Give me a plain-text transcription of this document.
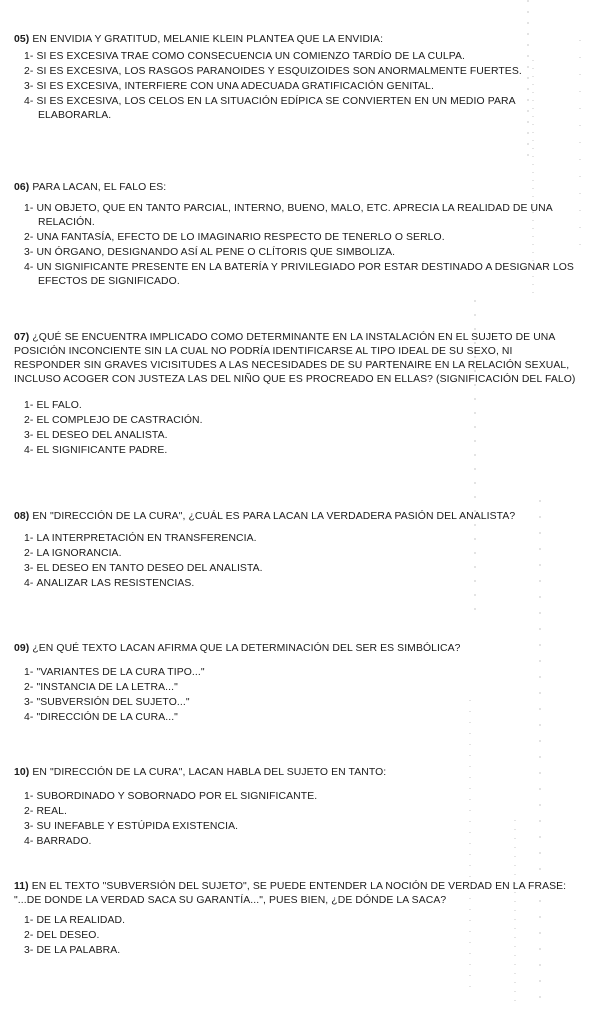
05) EN ENVIDIA Y GRATITUD, MELANIE KLEIN PLANTEA QUE LA ENVIDIA:

1- SI ES EXCESIVA TRAE COMO CONSECUENCIA UN COMIENZO TARDÍO DE LA CULPA.
2- SI ES EXCESIVA, LOS RASGOS PARANOIDES Y ESQUIZOIDES SON ANORMALMENTE FUERTES.
3- SI ES EXCESIVA, INTERFIERE CON UNA ADECUADA GRATIFICACIÓN GENITAL.
4- SI ES EXCESIVA, LOS CELOS EN LA SITUACIÓN EDÍPICA SE CONVIERTEN EN UN MEDIO PARA ELABORARLA.

06) PARA LACAN, EL FALO ES:

1- UN OBJETO, QUE EN TANTO PARCIAL, INTERNO, BUENO, MALO, ETC. APRECIA LA REALIDAD DE UNA RELACIÓN.
2- UNA FANTASÍA, EFECTO DE LO IMAGINARIO RESPECTO DE TENERLO O SERLO.
3- UN ÓRGANO, DESIGNANDO ASÍ AL PENE O CLÍTORIS QUE SIMBOLIZA.
4- UN SIGNIFICANTE PRESENTE EN LA BATERÍA Y PRIVILEGIADO POR ESTAR DESTINADO A DESIGNAR LOS EFECTOS DE SIGNIFICADO.

07) ¿QUÉ SE ENCUENTRA IMPLICADO COMO DETERMINANTE EN LA INSTALACIÓN EN EL SUJETO DE UNA POSICIÓN INCONCIENTE SIN LA CUAL NO PODRÍA IDENTIFICARSE AL TIPO IDEAL DE SU SEXO, NI RESPONDER SIN GRAVES VICISITUDES A LAS NECESIDADES DE SU PARTENAIRE EN LA RELACIÓN SEXUAL, INCLUSO ACOGER CON JUSTEZA LAS DEL NIÑO QUE ES PROCREADO EN ELLAS? (SIGNIFICACIÓN DEL FALO)

1- EL FALO.
2- EL COMPLEJO DE CASTRACIÓN.
3- EL DESEO DEL ANALISTA.
4- EL SIGNIFICANTE PADRE.

08) EN "DIRECCIÓN DE LA CURA", ¿CUÁL ES PARA LACAN LA VERDADERA PASIÓN DEL ANALISTA?

1- LA INTERPRETACIÓN EN TRANSFERENCIA.
2- LA IGNORANCIA.
3- EL DESEO EN TANTO DESEO DEL ANALISTA.
4- ANALIZAR LAS RESISTENCIAS.

09) ¿EN QUÉ TEXTO LACAN AFIRMA QUE LA DETERMINACIÓN DEL SER ES SIMBÓLICA?

1- "VARIANTES DE LA CURA TIPO..."
2- "INSTANCIA DE LA LETRA..."
3- "SUBVERSIÓN DEL SUJETO..."
4- "DIRECCIÓN DE LA CURA..."

10) EN "DIRECCIÓN DE LA CURA", LACAN HABLA DEL SUJETO EN TANTO:

1- SUBORDINADO Y SOBORNADO POR EL SIGNIFICANTE.
2- REAL.
3- SU INEFABLE Y ESTÚPIDA EXISTENCIA.
4- BARRADO.

11) EN EL TEXTO "SUBVERSIÓN DEL SUJETO", SE PUEDE ENTENDER LA NOCIÓN DE VERDAD EN LA FRASE: "...DE DONDE LA VERDAD SACA SU GARANTÍA...", PUES BIEN, ¿DE DÓNDE LA SACA?

1- DE LA REALIDAD.
2- DEL DESEO.
3- DE LA PALABRA.
